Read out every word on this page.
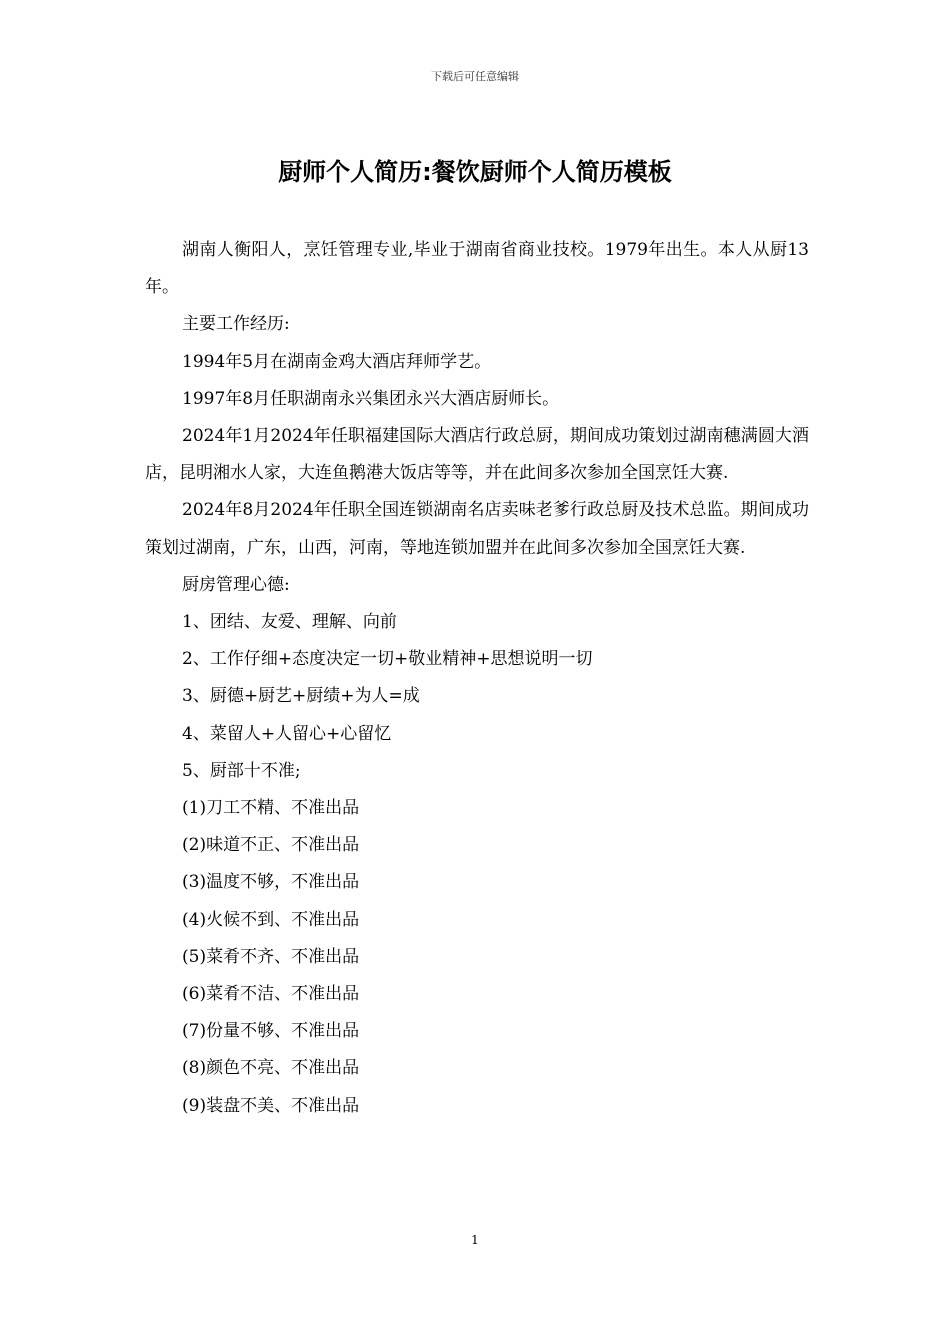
下载后可任意编辑
厨师个人简历:餐饮厨师个人简历模板

湖南人衡阳人，烹饪管理专业,毕业于湖南省商业技校。1979年出生。本人从厨13年。

主要工作经历:

1994年5月在湖南金鸡大酒店拜师学艺。

1997年8月任职湖南永兴集团永兴大酒店厨师长。

2024年1月2024年任职福建国际大酒店行政总厨，期间成功策划过湖南穗满圆大酒店，昆明湘水人家，大连鱼鹅港大饭店等等，并在此间多次参加全国烹饪大赛.

2024年8月2024年任职全国连锁湖南名店卖味老爹行政总厨及技术总监。期间成功策划过湖南，广东，山西，河南，等地连锁加盟并在此间多次参加全国烹饪大赛.

厨房管理心德:

1、团结、友爱、理解、向前

2、工作仔细+态度决定一切+敬业精神+思想说明一切

3、厨德+厨艺+厨绩+为人=成

4、菜留人+人留心+心留忆

5、厨部十不准;

(1)刀工不精、不准出品

(2)味道不正、不准出品

(3)温度不够，不准出品

(4)火候不到、不准出品

(5)菜肴不齐、不准出品

(6)菜肴不洁、不准出品

(7)份量不够、不准出品

(8)颜色不亮、不准出品

(9)装盘不美、不准出品

1
